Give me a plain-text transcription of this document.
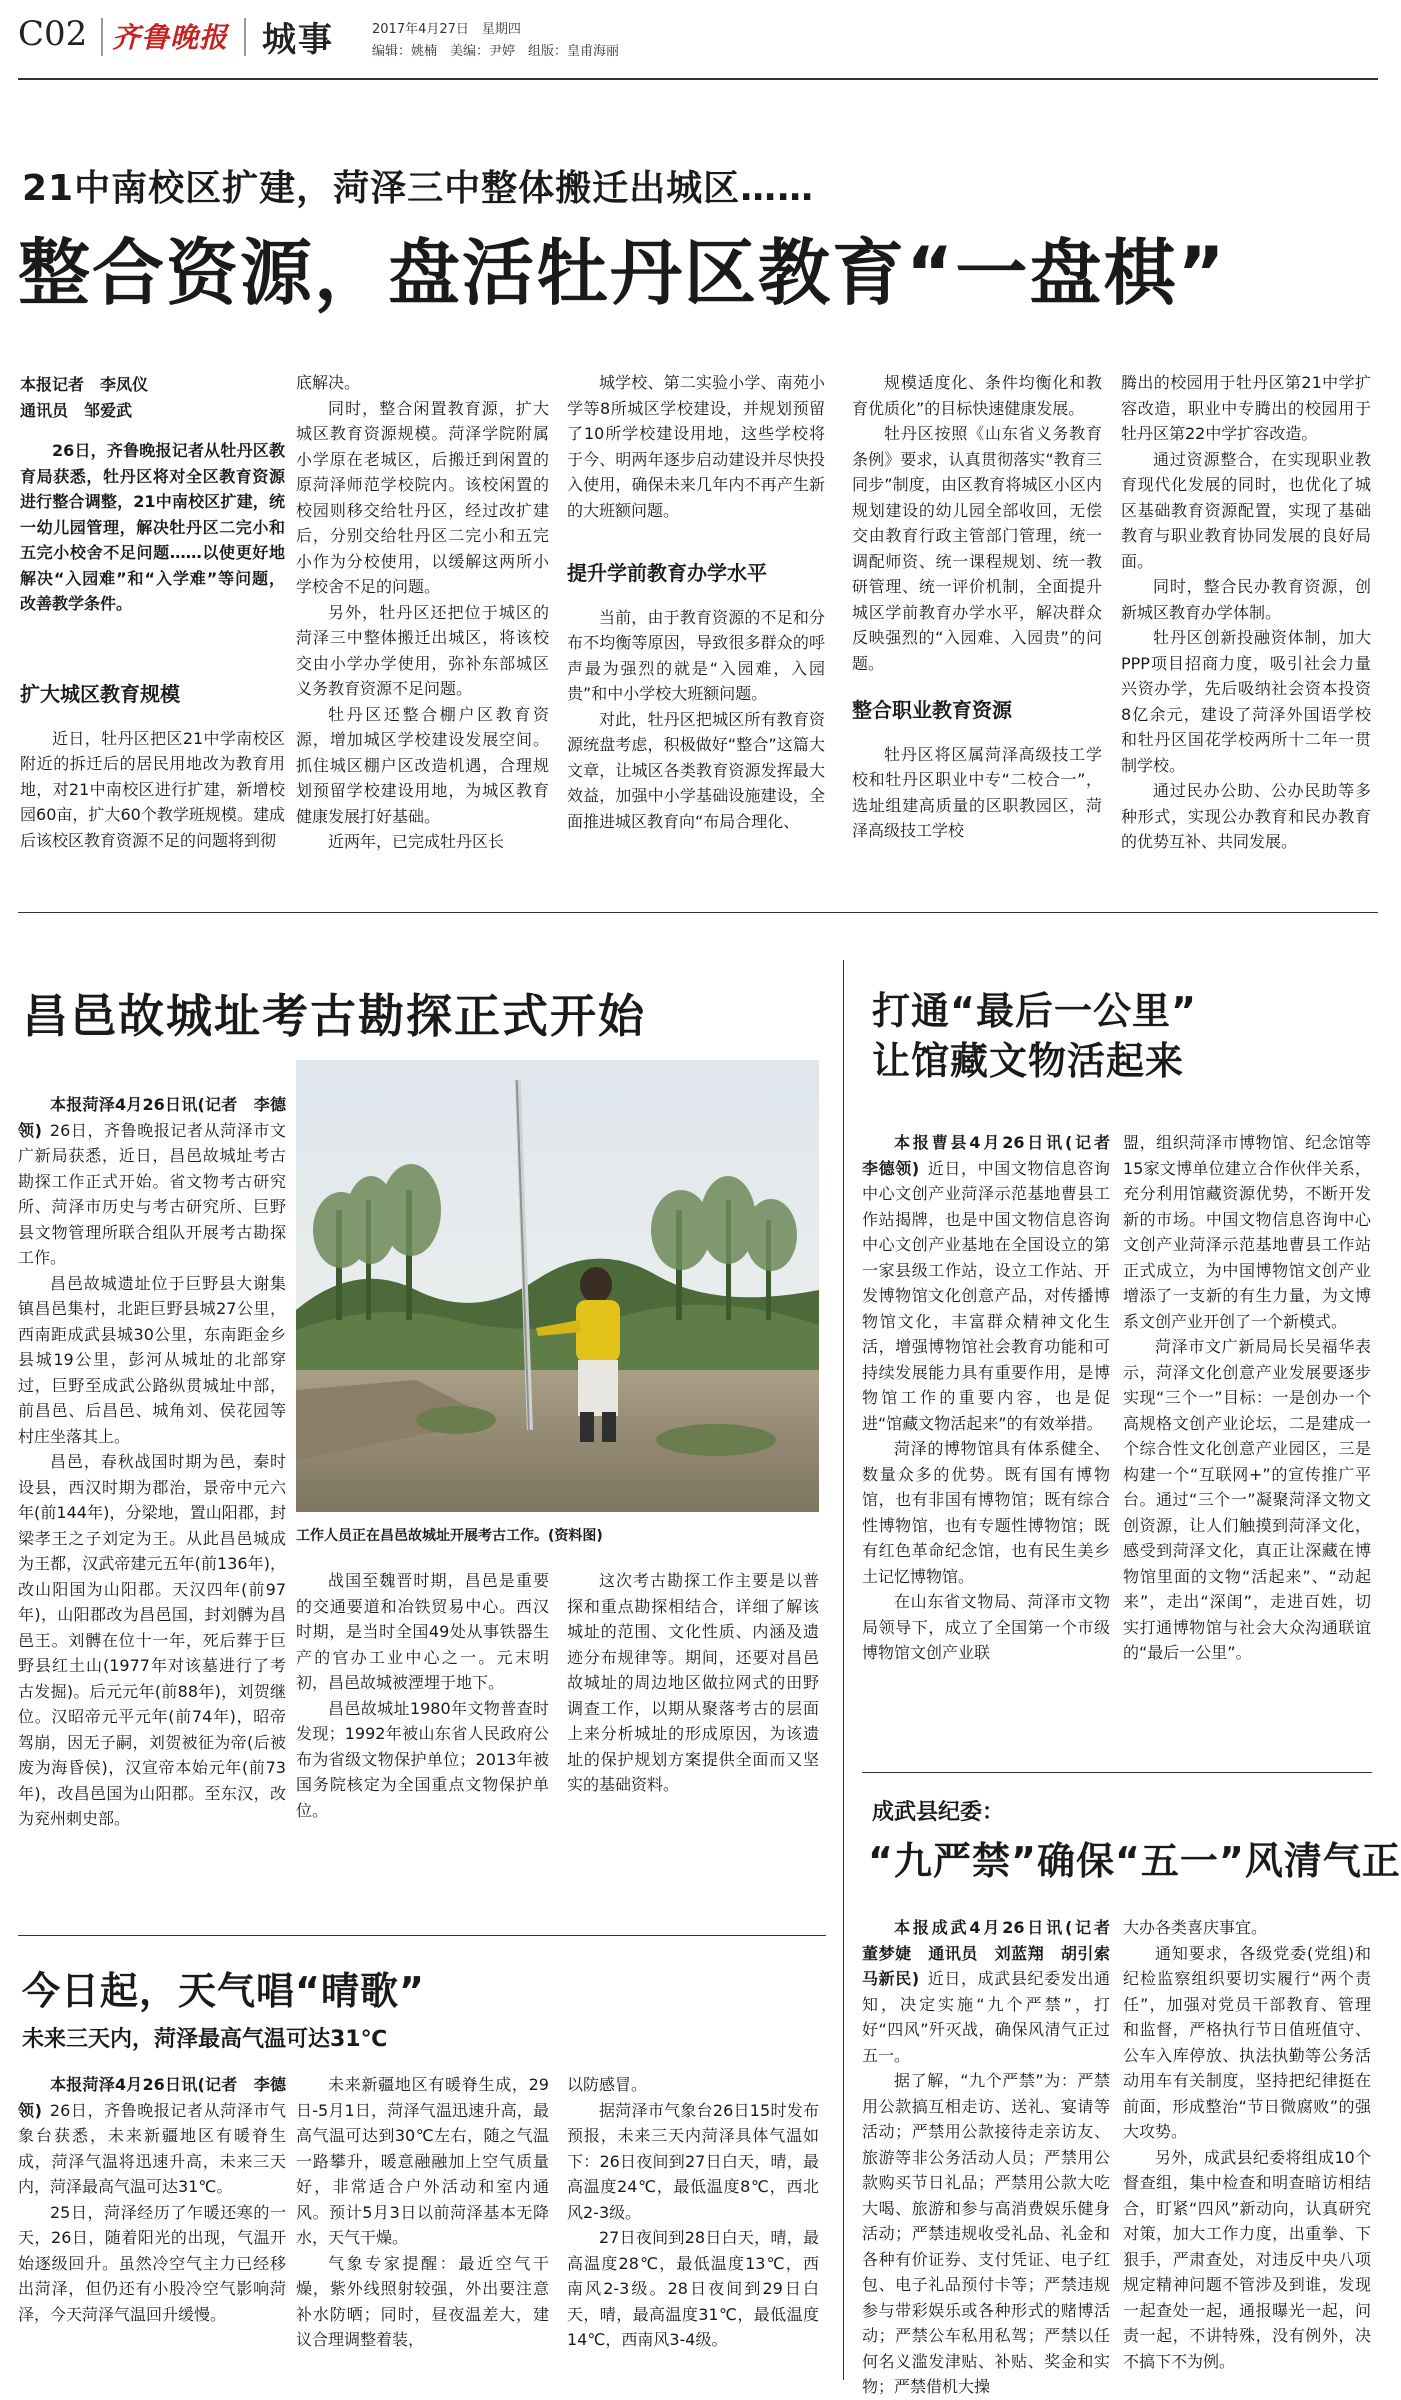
C02 齐鲁晚报 城事	2017年4月27日　星期四
编辑：姚楠　美编：尹婷　组版：皇甫海丽
21中南校区扩建，菏泽三中整体搬迁出城区……
整合资源，盘活牡丹区教育“一盘棋”
本报记者　李凤仪
通讯员　邹爱武

26日，齐鲁晚报记者从牡丹区教育局获悉，牡丹区将对全区教育资源进行整合调整，21中南校区扩建，统一幼儿园管理，解决牡丹区二完小和五完小校舍不足问题……以使更好地解决“入园难”和“入学难”等问题，改善教学条件。

扩大城区教育规模

近日，牡丹区把区21中学南校区附近的拆迁后的居民用地改为教育用地，对21中南校区进行扩建，新增校园60亩，扩大60个教学班规模。建成后该校区教育资源不足的问题将到彻

底解决。

同时，整合闲置教育源，扩大城区教育资源规模。菏泽学院附属小学原在老城区，后搬迁到闲置的原菏泽师范学校院内。该校闲置的校园则移交给牡丹区，经过改扩建后，分别交给牡丹区二完小和五完小作为分校使用，以缓解这两所小学校舍不足的问题。

另外，牡丹区还把位于城区的菏泽三中整体搬迁出城区，将该校交由小学办学使用，弥补东部城区义务教育资源不足问题。

牡丹区还整合棚户区教育资源，增加城区学校建设发展空间。抓住城区棚户区改造机遇，合理规划预留学校建设用地，为城区教育健康发展打好基础。

近两年，已完成牡丹区长

城学校、第二实验小学、南苑小学等8所城区学校建设，并规划预留了10所学校建设用地，这些学校将于今、明两年逐步启动建设并尽快投入使用，确保未来几年内不再产生新的大班额问题。

提升学前教育办学水平

当前，由于教育资源的不足和分布不均衡等原因，导致很多群众的呼声最为强烈的就是“入园难，入园贵”和中小学校大班额问题。

对此，牡丹区把城区所有教育资源统盘考虑，积极做好“整合”这篇大文章，让城区各类教育资源发挥最大效益，加强中小学基础设施建设，全面推进城区教育向“布局合理化、

规模适度化、条件均衡化和教育优质化”的目标快速健康发展。

牡丹区按照《山东省义务教育条例》要求，认真贯彻落实“教育三同步”制度，由区教育将城区小区内规划建设的幼儿园全部收回，无偿交由教育行政主管部门管理，统一调配师资、统一课程规划、统一教研管理、统一评价机制，全面提升城区学前教育办学水平，解决群众反映强烈的“入园难、入园贵”的问题。

整合职业教育资源

牡丹区将区属菏泽高级技工学校和牡丹区职业中专“二校合一”，选址组建高质量的区职教园区，菏泽高级技工学校

腾出的校园用于牡丹区第21中学扩容改造，职业中专腾出的校园用于牡丹区第22中学扩容改造。

通过资源整合，在实现职业教育现代化发展的同时，也优化了城区基础教育资源配置，实现了基础教育与职业教育协同发展的良好局面。

同时，整合民办教育资源，创新城区教育办学体制。

牡丹区创新投融资体制，加大PPP项目招商力度，吸引社会力量兴资办学，先后吸纳社会资本投资8亿余元，建设了菏泽外国语学校和牡丹区国花学校两所十二年一贯制学校。

通过民办公助、公办民助等多种形式，实现公办教育和民办教育的优势互补、共同发展。

昌邑故城址考古勘探正式开始

本报菏泽4月26日讯(记者　李德领) 26日，齐鲁晚报记者从菏泽市文广新局获悉，近日，昌邑故城址考古勘探工作正式开始。省文物考古研究所、菏泽市历史与考古研究所、巨野县文物管理所联合组队开展考古勘探工作。

昌邑故城遗址位于巨野县大谢集镇昌邑集村，北距巨野县城27公里，西南距成武县城30公里，东南距金乡县城19公里，彭河从城址的北部穿过，巨野至成武公路纵贯城址中部，前昌邑、后昌邑、城角刘、侯花园等村庄坐落其上。

昌邑，春秋战国时期为邑，秦时设县，西汉时期为郡治，景帝中元六年(前144年)，分梁地，置山阳郡，封梁孝王之子刘定为王。从此昌邑城成为王都，汉武帝建元五年(前136年)，改山阳国为山阳郡。天汉四年(前97年)，山阳郡改为昌邑国，封刘髆为昌邑王。刘髆在位十一年，死后葬于巨野县红土山(1977年对该墓进行了考古发掘)。后元元年(前88年)，刘贺继位。汉昭帝元平元年(前74年)，昭帝驾崩，因无子嗣，刘贺被征为帝(后被废为海昏侯)，汉宣帝本始元年(前73年)，改昌邑国为山阳郡。至东汉，改为兖州刺史部。

工作人员正在昌邑故城址开展考古工作。(资料图)

战国至魏晋时期，昌邑是重要的交通要道和冶铁贸易中心。西汉时期，是当时全国49处从事铁器生产的官办工业中心之一。元末明初，昌邑故城被湮埋于地下。

昌邑故城址1980年文物普查时发现；1992年被山东省人民政府公布为省级文物保护单位；2013年被国务院核定为全国重点文物保护单位。

这次考古勘探工作主要是以普探和重点勘探相结合，详细了解该城址的范围、文化性质、内涵及遗迹分布规律等。期间，还要对昌邑故城址的周边地区做拉网式的田野调查工作，以期从聚落考古的层面上来分析城址的形成原因，为该遗址的保护规划方案提供全面而又坚实的基础资料。

打通“最后一公里”
让馆藏文物活起来

本报曹县4月26日讯(记者　李德领) 近日，中国文物信息咨询中心文创产业菏泽示范基地曹县工作站揭牌，也是中国文物信息咨询中心文创产业基地在全国设立的第一家县级工作站，设立工作站、开发博物馆文化创意产品，对传播博物馆文化，丰富群众精神文化生活，增强博物馆社会教育功能和可持续发展能力具有重要作用，是博物馆工作的重要内容，也是促进“馆藏文物活起来”的有效举措。

菏泽的博物馆具有体系健全、数量众多的优势。既有国有博物馆，也有非国有博物馆；既有综合性博物馆，也有专题性博物馆；既有红色革命纪念馆，也有民生美乡土记忆博物馆。

在山东省文物局、菏泽市文物局领导下，成立了全国第一个市级博物馆文创产业联

盟，组织菏泽市博物馆、纪念馆等15家文博单位建立合作伙伴关系，充分利用馆藏资源优势，不断开发新的市场。中国文物信息咨询中心文创产业菏泽示范基地曹县工作站正式成立，为中国博物馆文创产业增添了一支新的有生力量，为文博系文创产业开创了一个新模式。

菏泽市文广新局局长吴福华表示，菏泽文化创意产业发展要逐步实现“三个一”目标：一是创办一个高规格文创产业论坛，二是建成一个综合性文化创意产业园区，三是构建一个“互联网+”的宣传推广平台。通过“三个一”凝聚菏泽文物文创资源，让人们触摸到菏泽文化，感受到菏泽文化，真正让深藏在博物馆里面的文物“活起来”、“动起来”，走出“深闺”，走进百姓，切实打通博物馆与社会大众沟通联谊的“最后一公里”。

成武县纪委：
“九严禁”确保“五一”风清气正

本报成武4月26日讯(记者　董梦婕　通讯员　刘蓝翔　胡引索　马新民) 近日，成武县纪委发出通知，决定实施“九个严禁”，打好“四风”歼灭战，确保风清气正过五一。

据了解，“九个严禁”为：严禁用公款搞互相走访、送礼、宴请等活动；严禁用公款接待走亲访友、旅游等非公务活动人员；严禁用公款购买节日礼品；严禁用公款大吃大喝、旅游和参与高消费娱乐健身活动；严禁违规收受礼品、礼金和各种有价证券、支付凭证、电子红包、电子礼品预付卡等；严禁违规参与带彩娱乐或各种形式的赌博活动；严禁公车私用私驾；严禁以任何名义滥发津贴、补贴、奖金和实物；严禁借机大操

大办各类喜庆事宜。

通知要求，各级党委(党组)和纪检监察组织要切实履行“两个责任”，加强对党员干部教育、管理和监督，严格执行节日值班值守、公车入库停放、执法执勤等公务活动用车有关制度，坚持把纪律挺在前面，形成整治“节日微腐败”的强大攻势。

另外，成武县纪委将组成10个督查组，集中检查和明查暗访相结合，盯紧“四风”新动向，认真研究对策，加大工作力度，出重拳、下狠手，严肃查处，对违反中央八项规定精神问题不管涉及到谁，发现一起查处一起，通报曝光一起，问责一起，不讲特殊，没有例外，决不搞下不为例。

今日起，天气唱“晴歌”
未来三天内，菏泽最高气温可达31℃

本报菏泽4月26日讯(记者　李德领) 26日，齐鲁晚报记者从菏泽市气象台获悉，未来新疆地区有暖脊生成，菏泽气温将迅速升高，未来三天内，菏泽最高气温可达31℃。

25日，菏泽经历了乍暖还寒的一天，26日，随着阳光的出现，气温开始逐级回升。虽然冷空气主力已经移出菏泽，但仍还有小股冷空气影响菏泽，今天菏泽气温回升缓慢。

未来新疆地区有暖脊生成，29日-5月1日，菏泽气温迅速升高，最高气温可达到30℃左右，随之气温一路攀升，暖意融融加上空气质量好，非常适合户外活动和室内通风。预计5月3日以前菏泽基本无降水，天气干燥。

气象专家提醒：最近空气干燥，紫外线照射较强，外出要注意补水防晒；同时，昼夜温差大，建议合理调整着装，

以防感冒。

据菏泽市气象台26日15时发布预报，未来三天内菏泽具体气温如下：26日夜间到27日白天，晴，最高温度24℃，最低温度8℃，西北风2-3级。

27日夜间到28日白天，晴，最高温度28℃，最低温度13℃，西南风2-3级。28日夜间到29日白天，晴，最高温度31℃，最低温度14℃，西南风3-4级。
